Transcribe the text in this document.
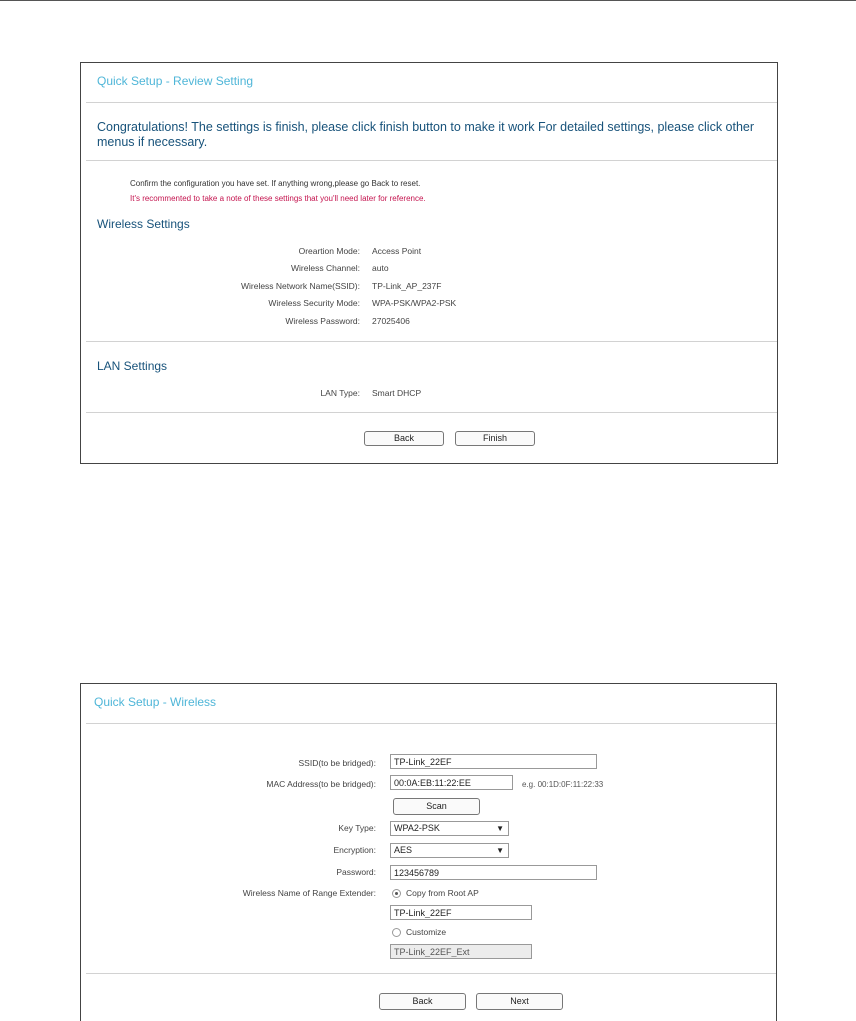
Quick Setup - Review Setting
Congratulations! The settings is finish, please click finish button to make it work For detailed settings, please click other menus if necessary.
Confirm the configuration you have set. If anything wrong,please go Back to reset.
It's recommented to take a note of these settings that you'll need later for reference.
Wireless Settings
Oreartion Mode: Access Point
Wireless Channel: auto
Wireless Network Name(SSID): TP-Link_AP_237F
Wireless Security Mode: WPA-PSK/WPA2-PSK
Wireless Password: 27025406
LAN Settings
LAN Type: Smart DHCP
Back	Finish
Quick Setup - Wireless
SSID(to be bridged):
TP-Link_22EF
MAC Address(to be bridged):
00:0A:EB:11:22:EE	e.g. 00:1D:0F:11:22:33
Scan
Key Type:	WPA2-PSK	▼
Encryption:	AES	▼
Password:
123456789
Wireless Name of Range Extender:	Copy from Root AP
TP-Link_22EF
Customize
TP-Link_22EF_Ext
Back	Next
